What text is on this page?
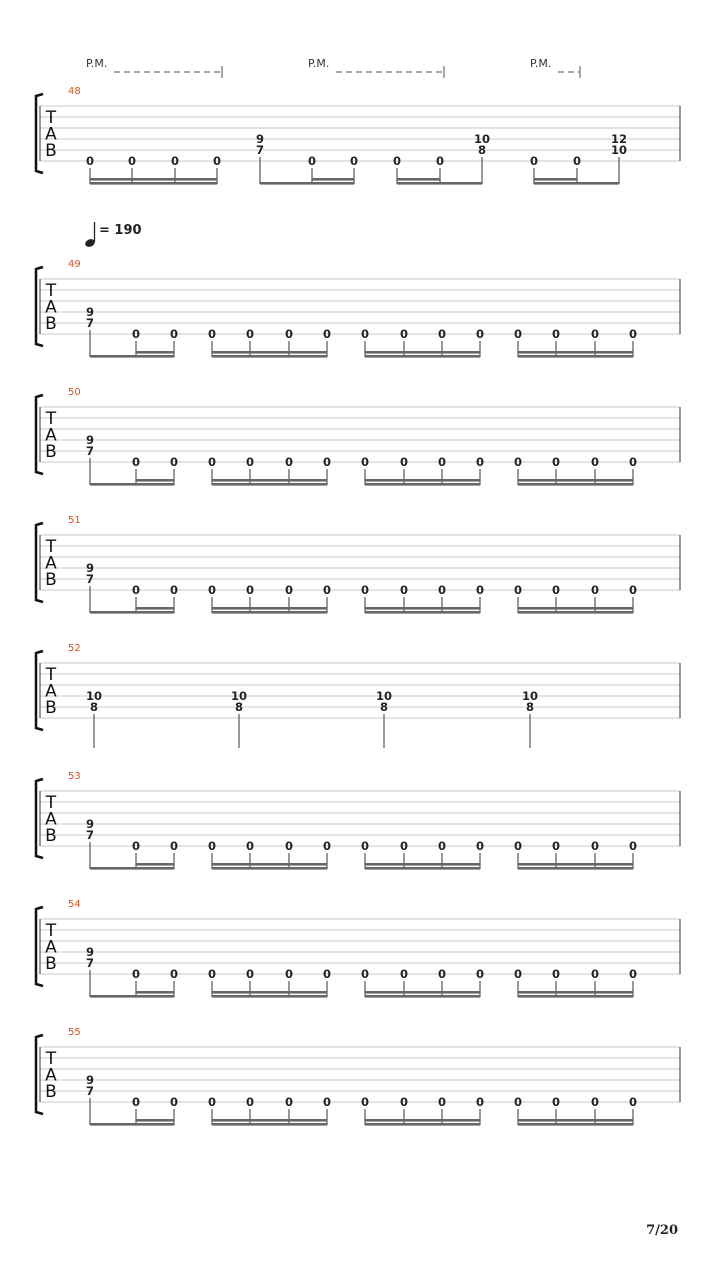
T
A
B
48
0	0	0	0
9
7
0	0	0	0
10
8
0	0
12
10
P.M.	P.M.	P.M.
T
A
B
49
9
7
0	0	0	0	0	0	0	0	0	0	0	0	0	0
T
A
B
50
9
7
0	0	0	0	0	0	0	0	0	0	0	0	0	0
T
A
B
51
9
7
0	0	0	0	0	0	0	0	0	0	0	0	0	0
T
A
B
52
10
8
10
8
10
8
10
8
T
A
B
53
9
7
0	0	0	0	0	0	0	0	0	0	0	0	0	0
T
A
B
54
9
7
0	0	0	0	0	0	0	0	0	0	0	0	0	0
T
A
B
55
9
7
0	0	0	0	0	0	0	0	0	0	0	0	0	0
= 190
7/20
